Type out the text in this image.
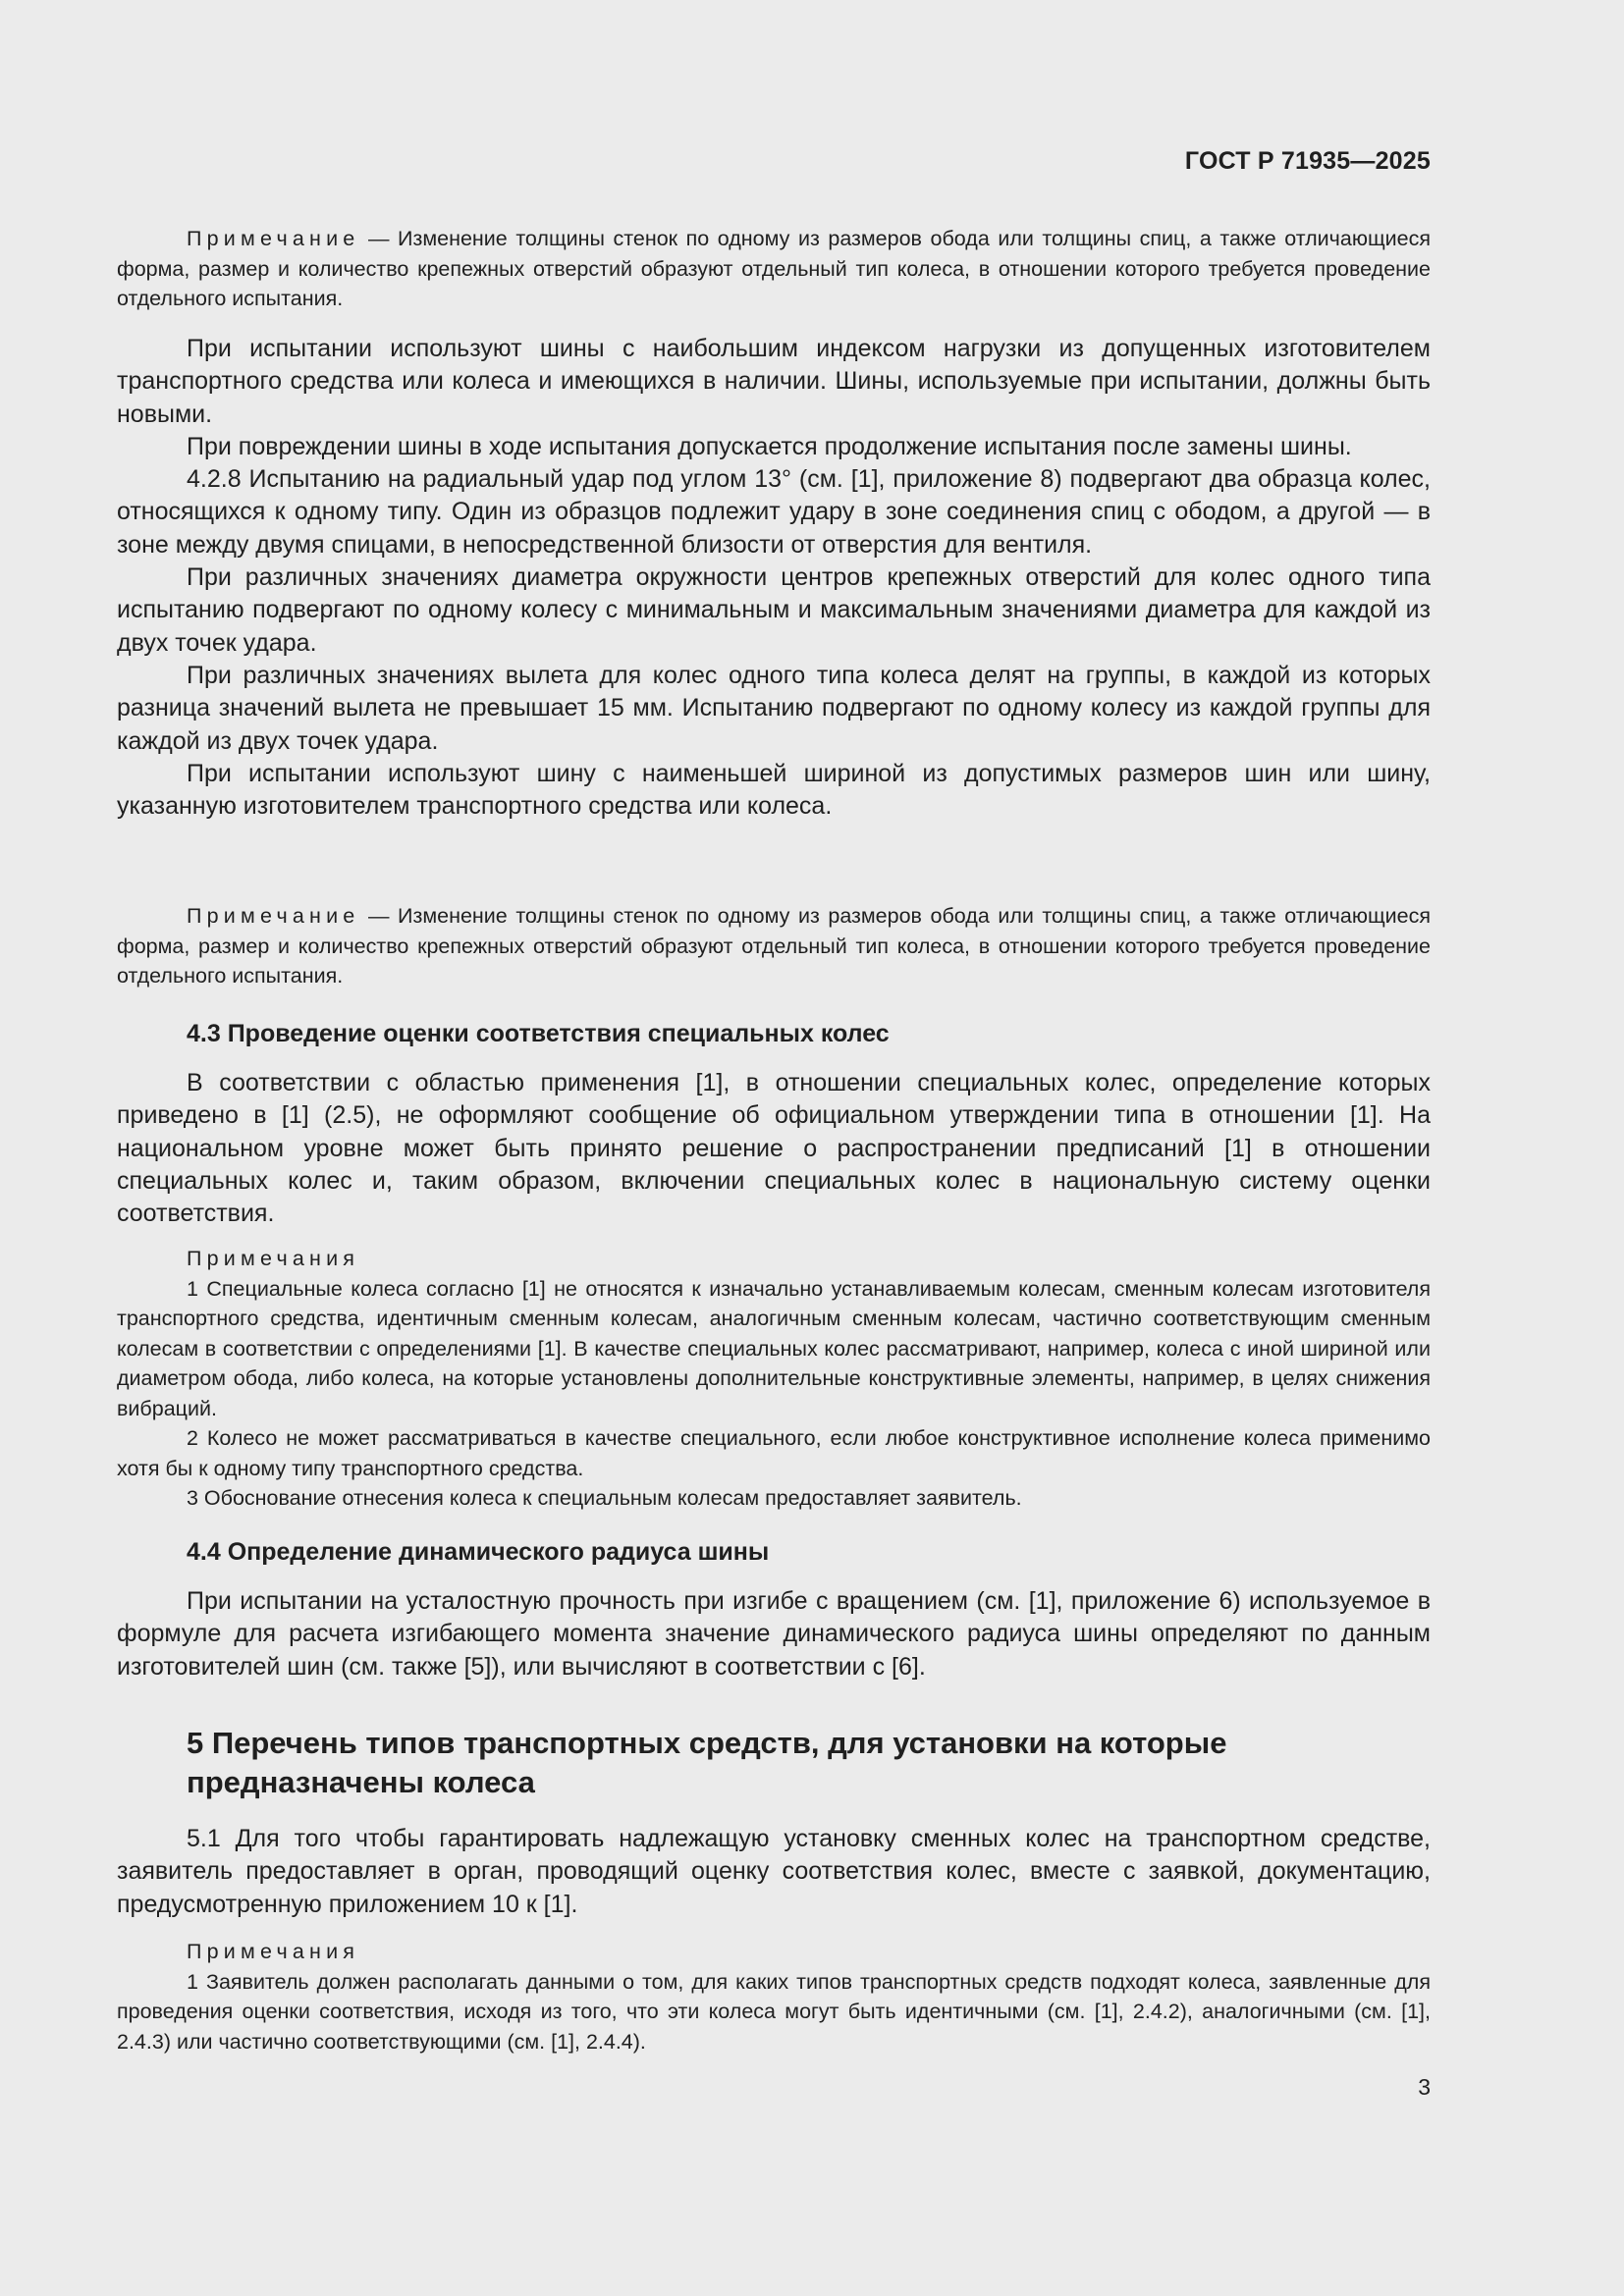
ГОСТ Р 71935—2025

Примечание — Изменение толщины стенок по одному из размеров обода или толщины спиц, а также отличающиеся форма, размер и количество крепежных отверстий образуют отдельный тип колеса, в отношении которого требуется проведение отдельного испытания.

При испытании используют шины с наибольшим индексом нагрузки из допущенных изготовителем транспортного средства или колеса и имеющихся в наличии. Шины, используемые при испытании, должны быть новыми.

При повреждении шины в ходе испытания допускается продолжение испытания после замены шины.

4.2.8 Испытанию на радиальный удар под углом 13° (см. [1], приложение 8) подвергают два образца колес, относящихся к одному типу. Один из образцов подлежит удару в зоне соединения спиц с ободом, а другой — в зоне между двумя спицами, в непосредственной близости от отверстия для вентиля.

При различных значениях диаметра окружности центров крепежных отверстий для колес одного типа испытанию подвергают по одному колесу с минимальным и максимальным значениями диаметра для каждой из двух точек удара.

При различных значениях вылета для колес одного типа колеса делят на группы, в каждой из которых разница значений вылета не превышает 15 мм. Испытанию подвергают по одному колесу из каждой группы для каждой из двух точек удара.

При испытании используют шину с наименьшей шириной из допустимых размеров шин или шину, указанную изготовителем транспортного средства или колеса.

Примечание — Изменение толщины стенок по одному из размеров обода или толщины спиц, а также отличающиеся форма, размер и количество крепежных отверстий образуют отдельный тип колеса, в отношении которого требуется проведение отдельного испытания.

4.3 Проведение оценки соответствия специальных колес

В соответствии с областью применения [1], в отношении специальных колес, определение которых приведено в [1] (2.5), не оформляют сообщение об официальном утверждении типа в отношении [1]. На национальном уровне может быть принято решение о распространении предписаний [1] в отношении специальных колес и, таким образом, включении специальных колес в национальную систему оценки соответствия.

Примечания

1 Специальные колеса согласно [1] не относятся к изначально устанавливаемым колесам, сменным колесам изготовителя транспортного средства, идентичным сменным колесам, аналогичным сменным колесам, частично соответствующим сменным колесам в соответствии с определениями [1]. В качестве специальных колес рассматривают, например, колеса с иной шириной или диаметром обода, либо колеса, на которые установлены дополнительные конструктивные элементы, например, в целях снижения вибраций.

2 Колесо не может рассматриваться в качестве специального, если любое конструктивное исполнение колеса применимо хотя бы к одному типу транспортного средства.

3 Обоснование отнесения колеса к специальным колесам предоставляет заявитель.

4.4 Определение динамического радиуса шины

При испытании на усталостную прочность при изгибе с вращением (см. [1], приложение 6) используемое в формуле для расчета изгибающего момента значение динамического радиуса шины определяют по данным изготовителей шин (см. также [5]), или вычисляют в соответствии с [6].

5 Перечень типов транспортных средств, для установки на которые
предназначены колеса

5.1 Для того чтобы гарантировать надлежащую установку сменных колес на транспортном средстве, заявитель предоставляет в орган, проводящий оценку соответствия колес, вместе с заявкой, документацию, предусмотренную приложением 10 к [1].

Примечания

1 Заявитель должен располагать данными о том, для каких типов транспортных средств подходят колеса, заявленные для проведения оценки соответствия, исходя из того, что эти колеса могут быть идентичными (см. [1], 2.4.2), аналогичными (см. [1], 2.4.3) или частично соответствующими (см. [1], 2.4.4).

3
